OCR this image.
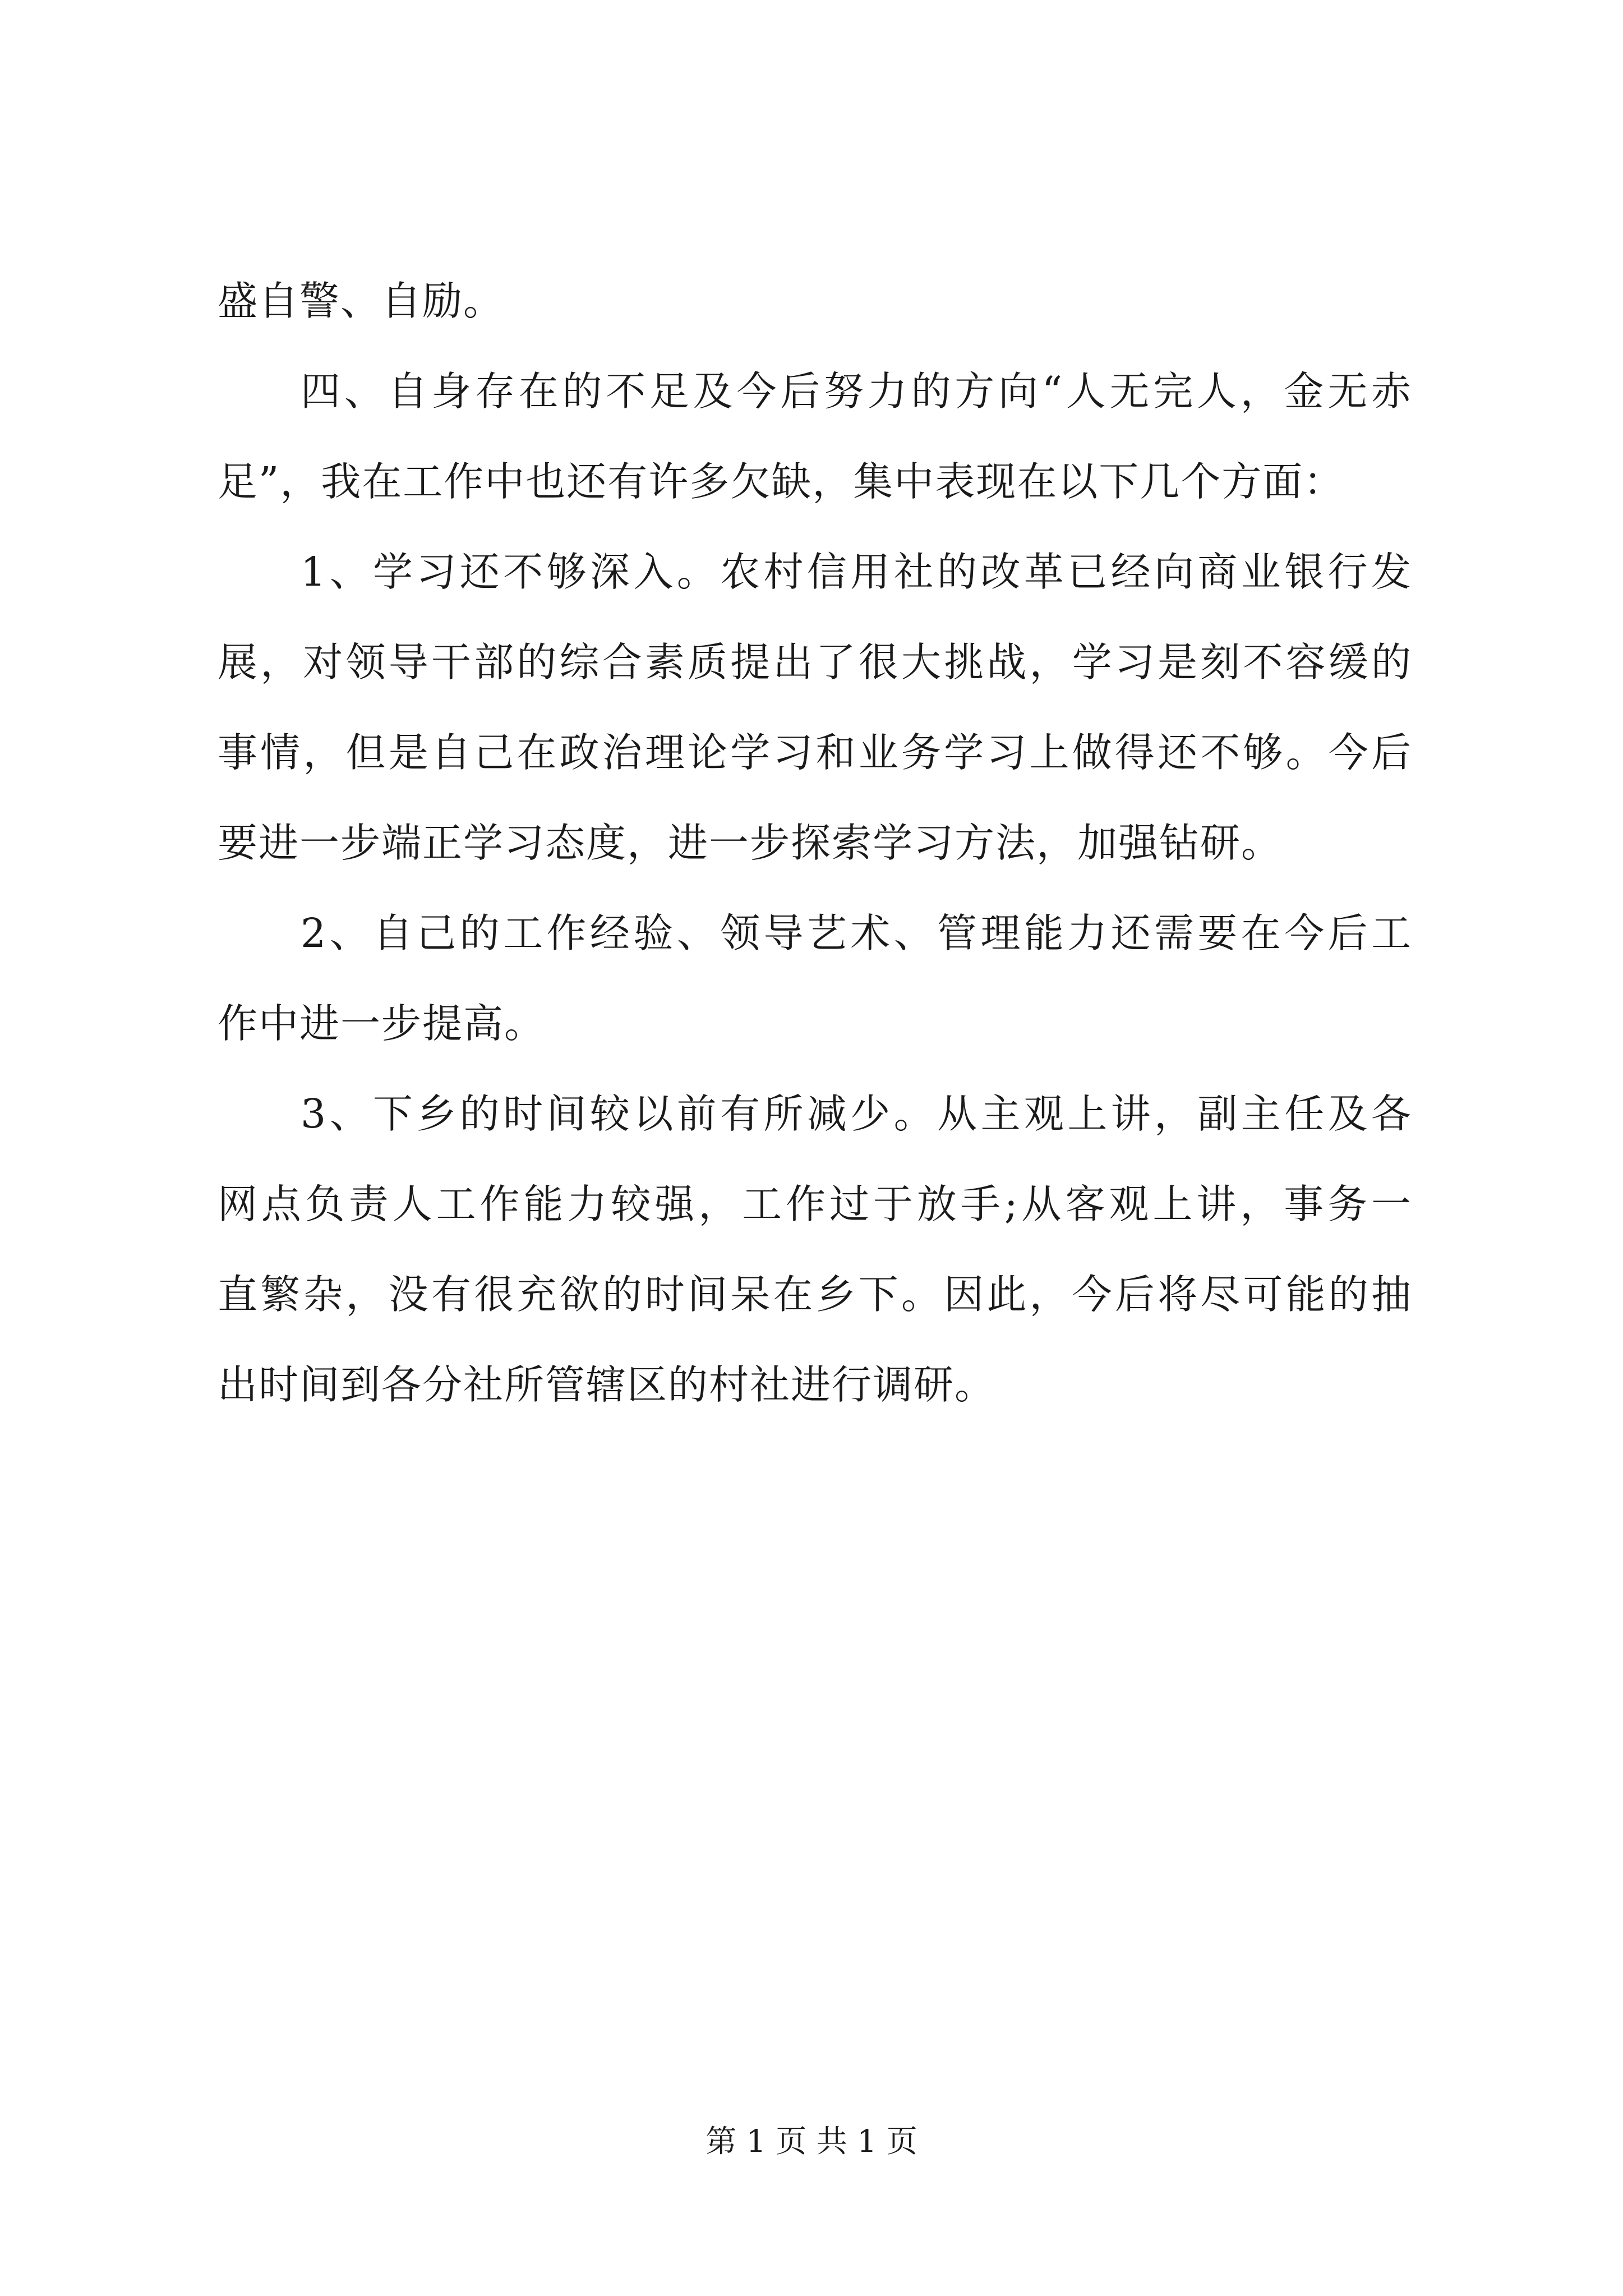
盛自警、自励。
四、自身存在的不足及今后努力的方向“人无完人，金无赤
足”，我在工作中也还有许多欠缺，集中表现在以下几个方面：
1、学习还不够深入。农村信用社的改革已经向商业银行发
展，对领导干部的综合素质提出了很大挑战，学习是刻不容缓的
事情，但是自己在政治理论学习和业务学习上做得还不够。今后
要进一步端正学习态度，进一步探索学习方法，加强钻研。
2、自己的工作经验、领导艺术、管理能力还需要在今后工
作中进一步提高。
3、下乡的时间较以前有所减少。从主观上讲，副主任及各
网点负责人工作能力较强，工作过于放手;从客观上讲，事务一
直繁杂，没有很充欲的时间呆在乡下。因此，今后将尽可能的抽
出时间到各分社所管辖区的村社进行调研。
第 1 页 共 1 页
